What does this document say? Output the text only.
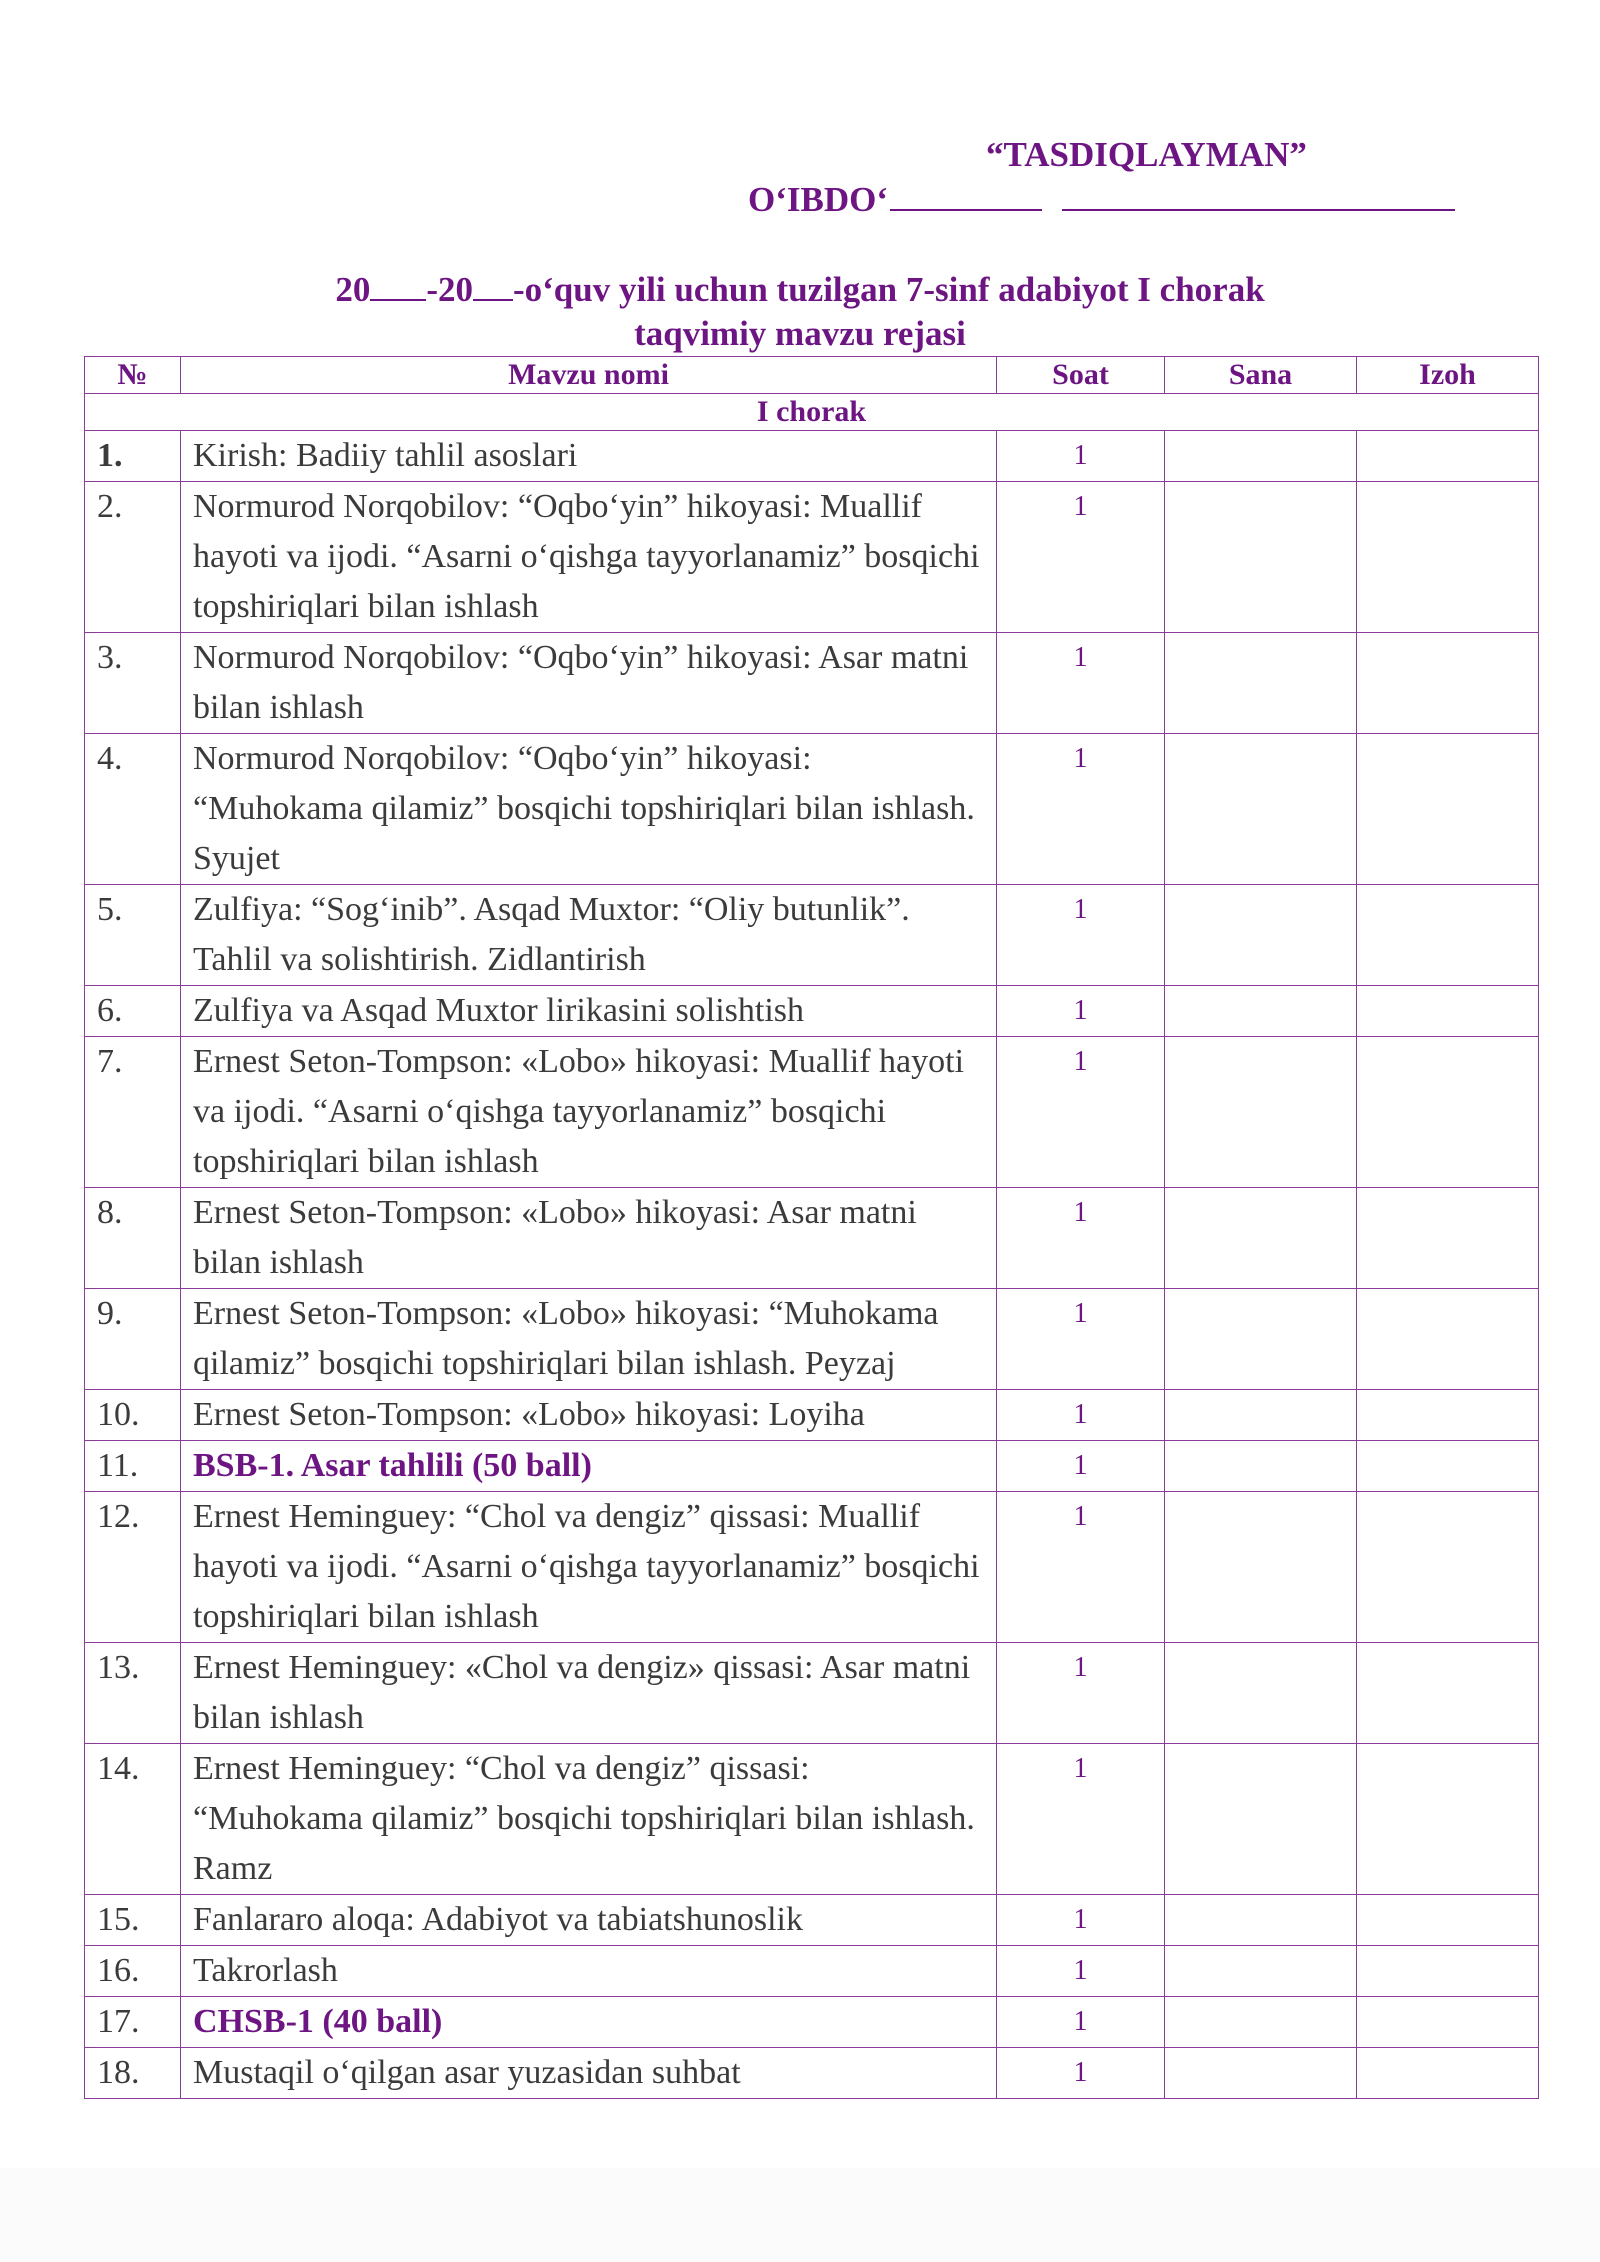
“TASDIQLAYMAN”
O‘IBDO‘
20 -20 -o‘quv yili uchun tuzilgan 7-sinf adabiyot I chorak
taqvimiy mavzu rejasi
№	Mavzu nomi	Soat	Sana	Izoh
I chorak				
1.	Kirish: Badiiy tahlil asoslari	1		
2.	Normurod Norqobilov: “Oqbo‘yin” hikoyasi: Muallif hayoti va ijodi. “Asarni o‘qishga tayyorlanamiz” bosqichi topshiriqlari bilan ishlash	1		
3.	Normurod Norqobilov: “Oqbo‘yin” hikoyasi: Asar matni bilan ishlash	1		
4.	Normurod Norqobilov: “Oqbo‘yin” hikoyasi: “Muhokama qilamiz” bosqichi topshiriqlari bilan ishlash. Syujet	1		
5.	Zulfiya: “Sog‘inib”. Asqad Muxtor: “Oliy butunlik”. Tahlil va solishtirish. Zidlantirish	1		
6.	Zulfiya va Asqad Muxtor lirikasini solishtish	1		
7.	Ernest Seton-Tompson: «Lobo» hikoyasi: Muallif hayoti va ijodi. “Asarni o‘qishga tayyorlanamiz” bosqichi topshiriqlari bilan ishlash	1		
8.	Ernest Seton-Tompson: «Lobo» hikoyasi: Asar matni bilan ishlash	1		
9.	Ernest Seton-Tompson: «Lobo» hikoyasi: “Muhokama qilamiz” bosqichi topshiriqlari bilan ishlash. Peyzaj	1		
10.	Ernest Seton-Tompson: «Lobo» hikoyasi: Loyiha	1		
11.	BSB-1. Asar tahlili (50 ball)	1		
12.	Ernest Heminguey: “Chol va dengiz” qissasi: Muallif hayoti va ijodi. “Asarni o‘qishga tayyorlanamiz” bosqichi topshiriqlari bilan ishlash	1		
13.	Ernest Heminguey: «Chol va dengiz» qissasi: Asar matni bilan ishlash	1		
14.	Ernest Heminguey: “Chol va dengiz” qissasi: “Muhokama qilamiz” bosqichi topshiriqlari bilan ishlash. Ramz	1		
15.	Fanlararo aloqa: Adabiyot va tabiatshunoslik	1		
16.	Takrorlash	1		
17.	CHSB-1 (40 ball)	1		
18.	Mustaqil o‘qilgan asar yuzasidan suhbat	1		
